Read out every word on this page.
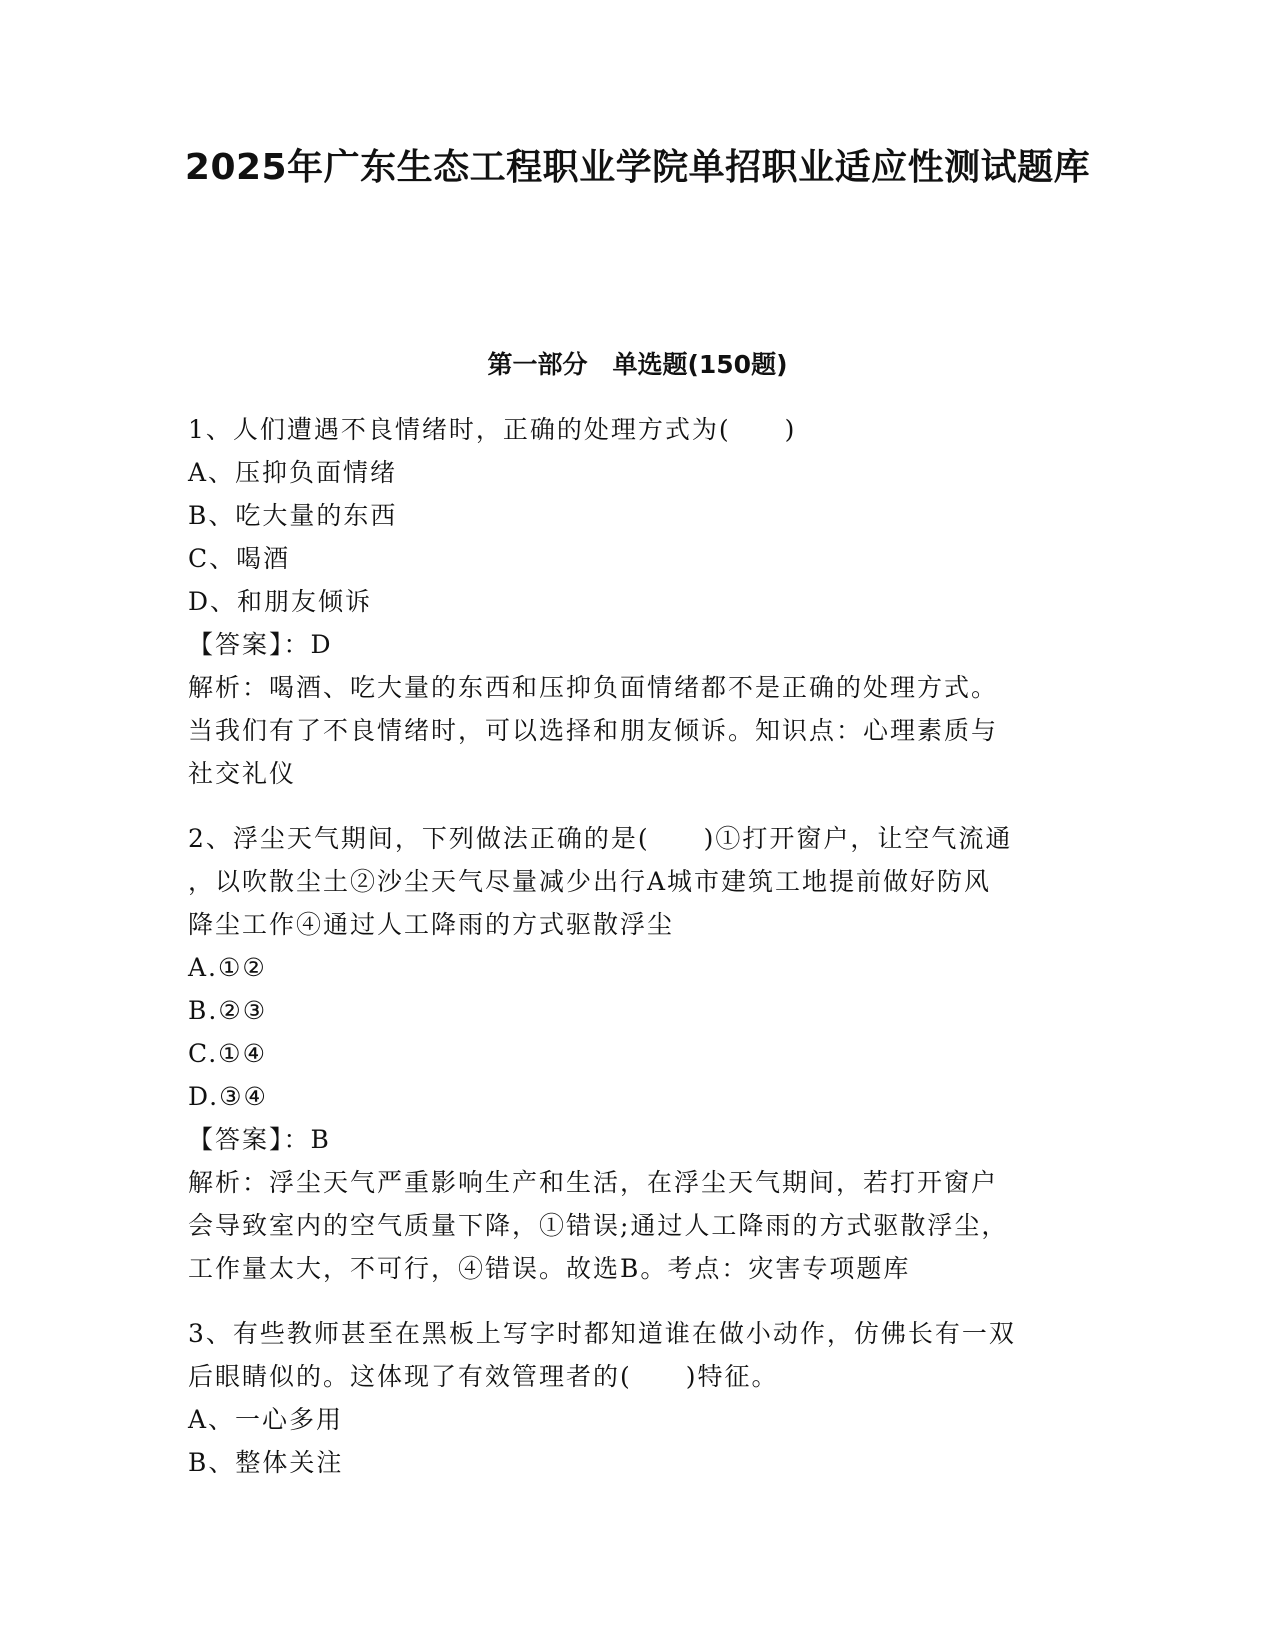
2025年广东生态工程职业学院单招职业适应性测试题库
第一部分　单选题(150题)
1、人们遭遇不良情绪时，正确的处理方式为(　　)
A、压抑负面情绪
B、吃大量的东西
C、喝酒
D、和朋友倾诉
【答案】：D
解析：喝酒、吃大量的东西和压抑负面情绪都不是正确的处理方式。
当我们有了不良情绪时，可以选择和朋友倾诉。知识点：心理素质与
社交礼仪
2、浮尘天气期间，下列做法正确的是(　　)①打开窗户，让空气流通
，以吹散尘土②沙尘天气尽量减少出行A城市建筑工地提前做好防风
降尘工作④通过人工降雨的方式驱散浮尘
A.①②
B.②③
C.①④
D.③④
【答案】：B
解析：浮尘天气严重影响生产和生活，在浮尘天气期间，若打开窗户
会导致室内的空气质量下降，①错误;通过人工降雨的方式驱散浮尘，
工作量太大，不可行，④错误。故选B。考点：灾害专项题库
3、有些教师甚至在黑板上写字时都知道谁在做小动作，仿佛长有一双
后眼睛似的。这体现了有效管理者的(　　)特征。
A、一心多用
B、整体关注
